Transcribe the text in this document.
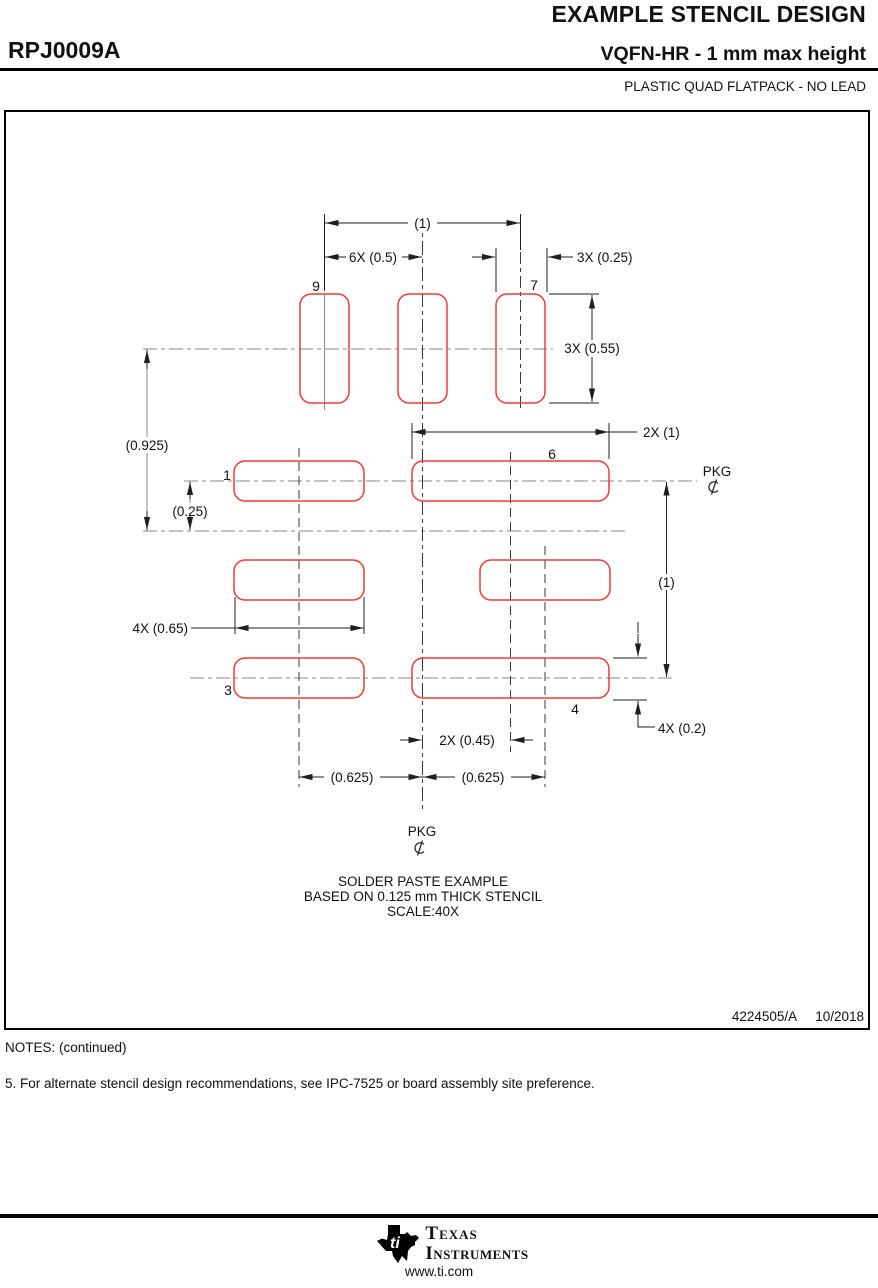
EXAMPLE STENCIL DESIGN
RPJ0009A	VQFN-HR - 1 mm max height
PLASTIC QUAD FLATPACK - NO LEAD
(1)
6X (0.5)	3X (0.25)
3X (0.55)
(0.925)
(0.25)
2X (1)
(1)
4X (0.65)
2X (0.45)
(0.625)	(0.625)
4X (0.2)
9	7
1
6
3
4
PKG
PKG
SOLDER PASTE EXAMPLE
BASED ON 0.125 mm THICK STENCIL
SCALE:40X
4224505/A 10/2018
NOTES: (continued)
5. For alternate stencil design recommendations, see IPC-7525 or board assembly site preference.
ti Texas
Instruments
www.ti.com
